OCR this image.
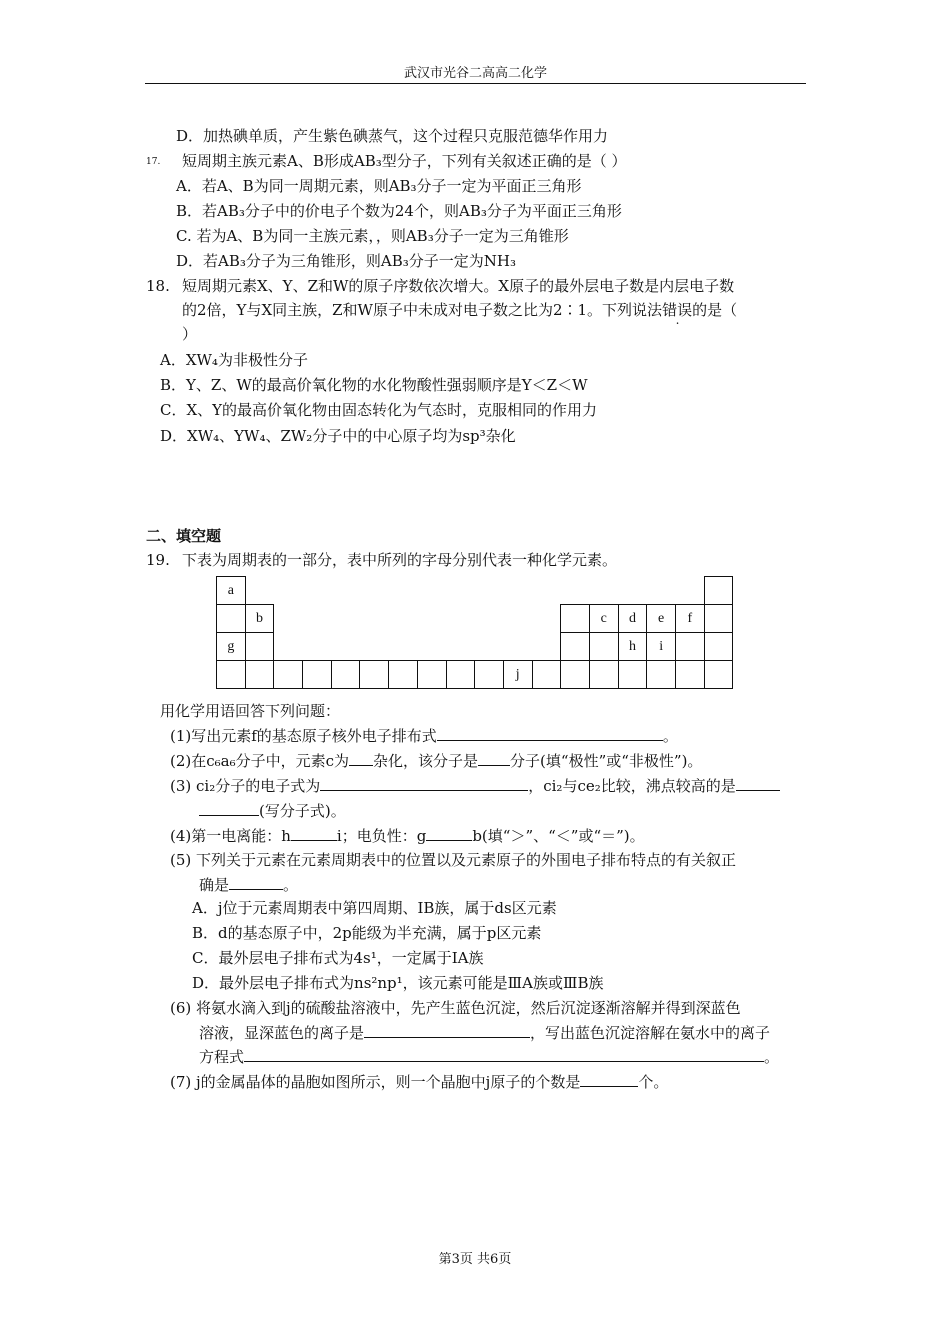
武汉市光谷二高高二化学
D．加热碘单质，产生紫色碘蒸气，这个过程只克服范德华作用力
17. 短周期主族元素A、B形成AB₃型分子，下列有关叙述正确的是（ ）
A．若A、B为同一周期元素，则AB₃分子一定为平面正三角形
B．若AB₃分子中的价电子个数为24个，则AB₃分子为平面正三角形
C. 若为A、B为同一主族元素，，则AB₃分子一定为三角锥形
D．若AB₃分子为三角锥形，则AB₃分子一定为NH₃
18. 短周期元素X、Y、Z和W的原子序数依次增大。X原子的最外层电子数是内层电子数
的2倍，Y与X同主族，Z和W原子中未成对电子数之比为2∶1。下列说法错误的是（
）
A．XW₄为非极性分子
B．Y、Z、W的最高价氧化物的水化物酸性强弱顺序是Y＜Z＜W
C．X、Y的最高价氧化物由固态转化为气态时，克服相同的作用力
D．XW₄、YW₄、ZW₂分子中的中心原子均为sp³杂化
二、填空题
19. 下表为周期表的一部分，表中所列的字母分别代表一种化学元素。
a																	
	b												c	d	e	f	
g														h	i		
										j							
用化学用语回答下列问题：
(1)写出元素f的基态原子核外电子排布式	。
(2)在c₆a₆分子中，元素c为 杂化，该分子是 分子(填“极性”或“非极性”)。
(3) ci₂分子的电子式为	，ci₂与ce₂比较，沸点较高的是
(写分子式)。
(4)第一电离能：h	i；电负性：g	b(填“＞”、“＜”或“＝”)。
(5) 下列关于元素在元素周期表中的位置以及元素原子的外围电子排布特点的有关叙正
确是	。
A．j位于元素周期表中第四周期、ⅠB族，属于ds区元素
B．d的基态原子中，2p能级为半充满，属于p区元素
C．最外层电子排布式为4s¹，一定属于ⅠA族
D．最外层电子排布式为ns²np¹，该元素可能是ⅢA族或ⅢB族
(6) 将氨水滴入到j的硫酸盐溶液中，先产生蓝色沉淀，然后沉淀逐渐溶解并得到深蓝色
溶液，显深蓝色的离子是	，写出蓝色沉淀溶解在氨水中的离子
方程式	。
(7) j的金属晶体的晶胞如图所示，则一个晶胞中j原子的个数是	个。
第3页 共6页
